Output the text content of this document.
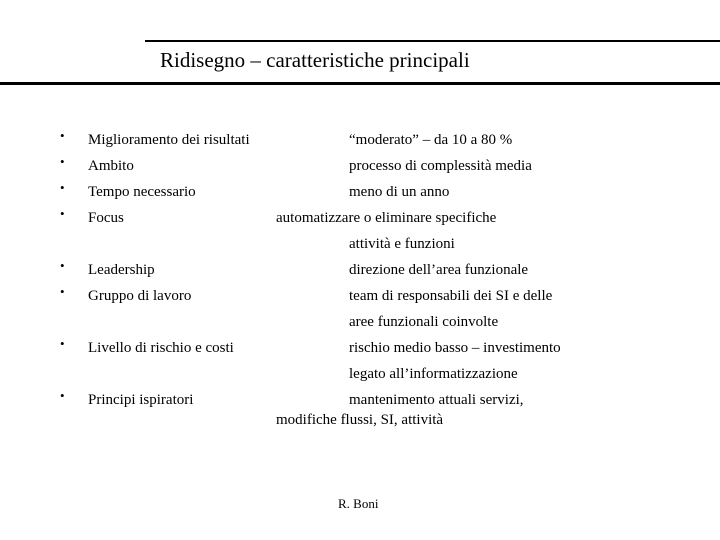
Ridisegno – caratteristiche principali
• Miglioramento dei risultati	“moderato” – da 10 a 80 %
• Ambito	processo di complessità media
• Tempo necessario	meno di un anno
• Focus	automatizzare o eliminare specifiche
attività e funzioni
• Leadership	direzione dell’area funzionale
• Gruppo di lavoro	team di responsabili dei SI e delle
aree funzionali coinvolte
• Livello di rischio e costi	rischio medio basso – investimento
legato all’informatizzazione
• Principi ispiratori	mantenimento attuali servizi,
modifiche flussi, SI, attività
R. Boni
